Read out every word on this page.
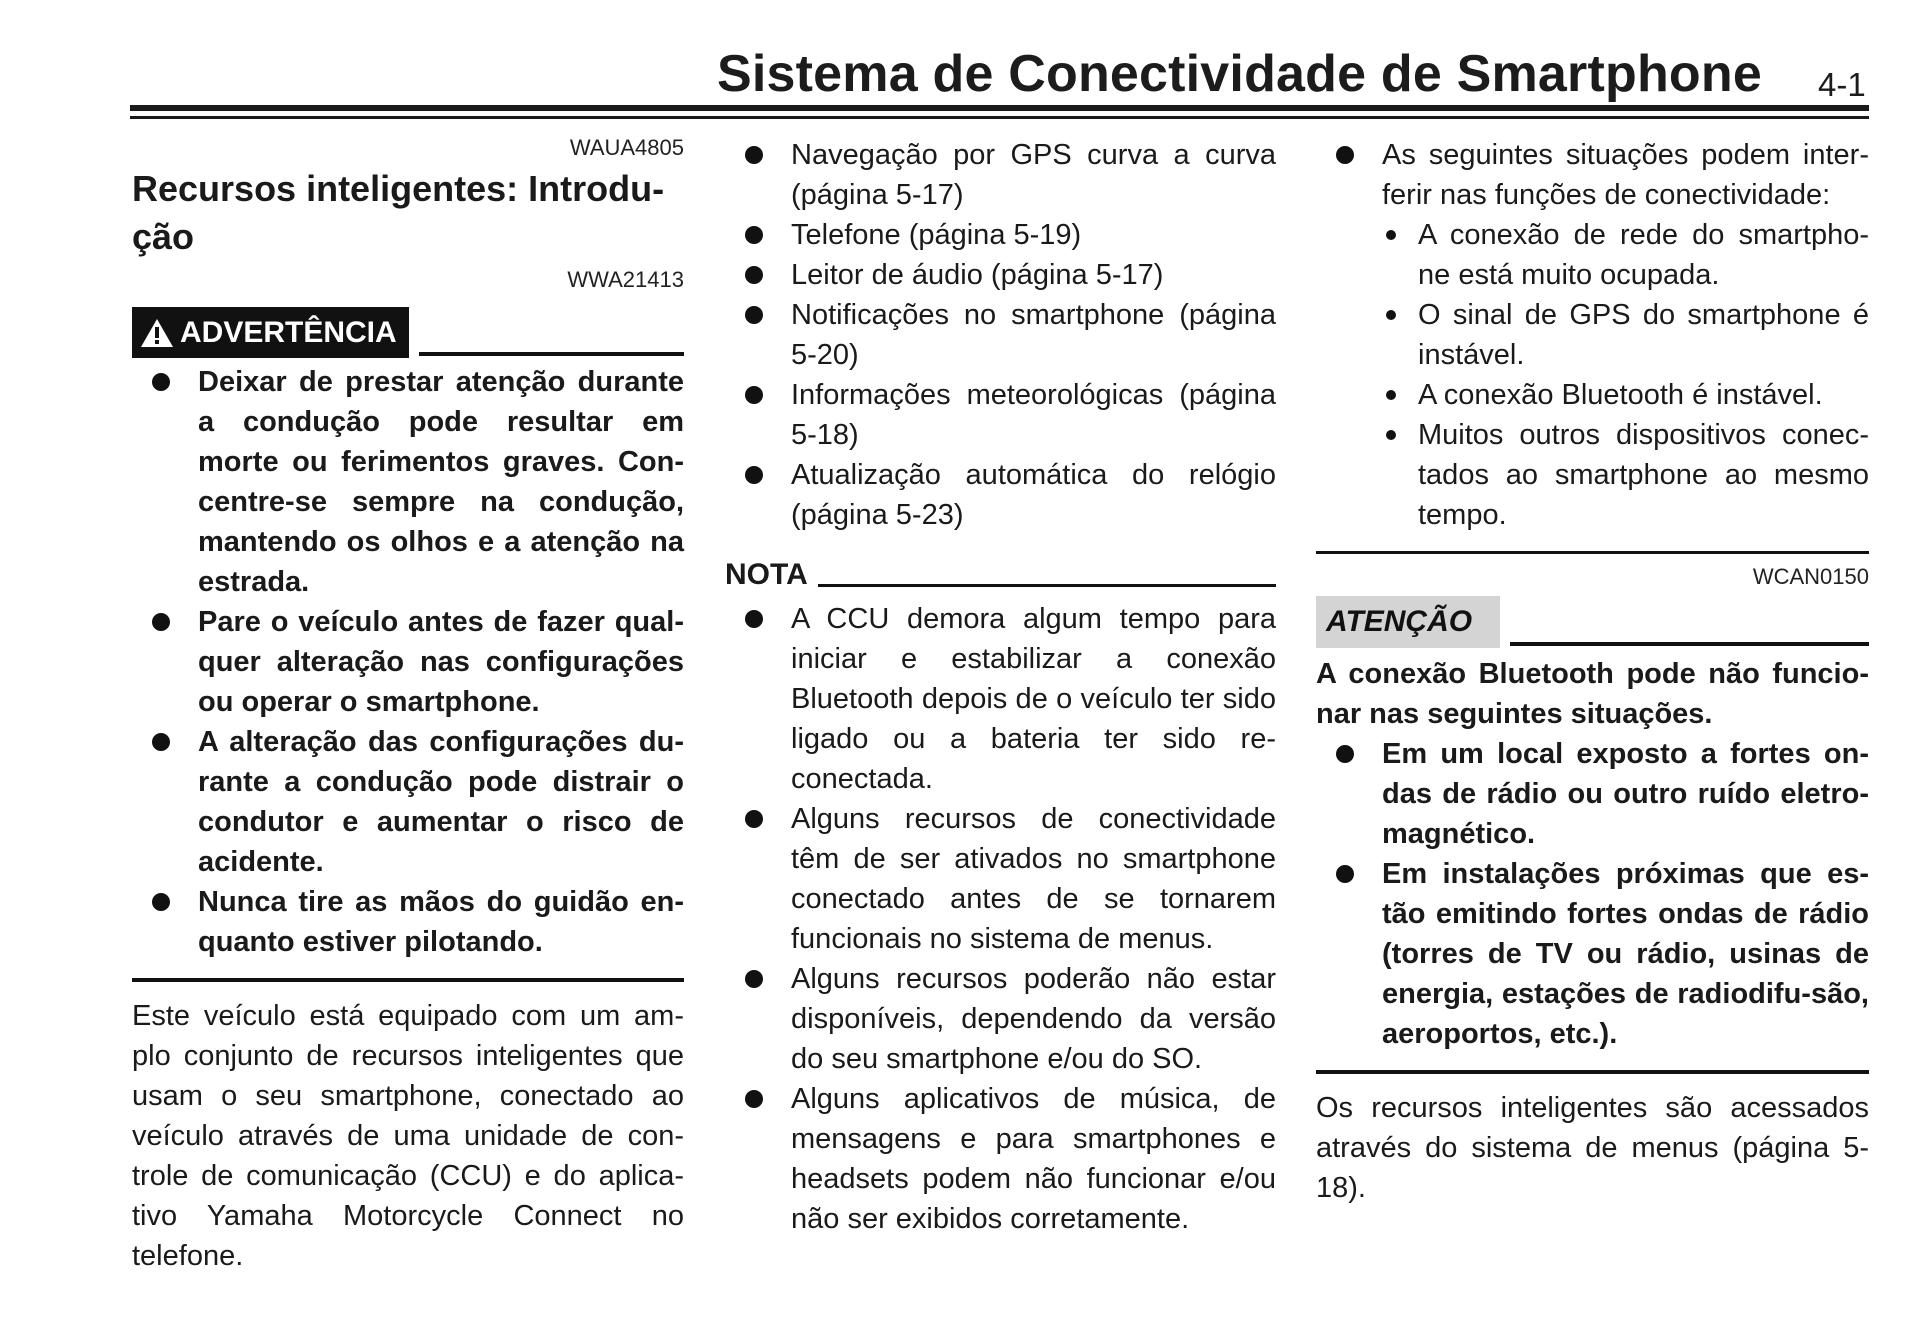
Sistema de Conectividade de Smartphone 4-1
WAUA4805
Recursos inteligentes: Introdu-ção
WWA21413
ADVERTÊNCIA
Deixar de prestar atenção durante a condução pode resultar em morte ou ferimentos graves. Con-centre-se sempre na condução, mantendo os olhos e a atenção na estrada.
Pare o veículo antes de fazer qual-quer alteração nas configurações ou operar o smartphone.
A alteração das configurações du-rante a condução pode distrair o condutor e aumentar o risco de acidente.
Nunca tire as mãos do guidão en-quanto estiver pilotando.
Este veículo está equipado com um am-plo conjunto de recursos inteligentes que usam o seu smartphone, conectado ao veículo através de uma unidade de con-trole de comunicação (CCU) e do aplica-tivo Yamaha Motorcycle Connect no telefone.
Navegação por GPS curva a curva (página 5-17)
Telefone (página 5-19)
Leitor de áudio (página 5-17)
Notificações no smartphone (página 5-20)
Informações meteorológicas (página 5-18)
Atualização automática do relógio (página 5-23)
NOTA
A CCU demora algum tempo para iniciar e estabilizar a conexão Bluetooth depois de o veículo ter sido ligado ou a bateria ter sido re-conectada.
Alguns recursos de conectividade têm de ser ativados no smartphone conectado antes de se tornarem funcionais no sistema de menus.
Alguns recursos poderão não estar disponíveis, dependendo da versão do seu smartphone e/ou do SO.
Alguns aplicativos de música, de mensagens e para smartphones e headsets podem não funcionar e/ou não ser exibidos corretamente.
As seguintes situações podem inter-ferir nas funções de conectividade:
A conexão de rede do smartpho-ne está muito ocupada.
O sinal de GPS do smartphone é instável.
A conexão Bluetooth é instável.
Muitos outros dispositivos conec-tados ao smartphone ao mesmo tempo.
WCAN0150
ATENÇÃO
A conexão Bluetooth pode não funcio-nar nas seguintes situações.
Em um local exposto a fortes on-das de rádio ou outro ruído eletro-magnético.
Em instalações próximas que es-tão emitindo fortes ondas de rádio (torres de TV ou rádio, usinas de energia, estações de radiodifu-são, aeroportos, etc.).
Os recursos inteligentes são acessados através do sistema de menus (página 5-18).
